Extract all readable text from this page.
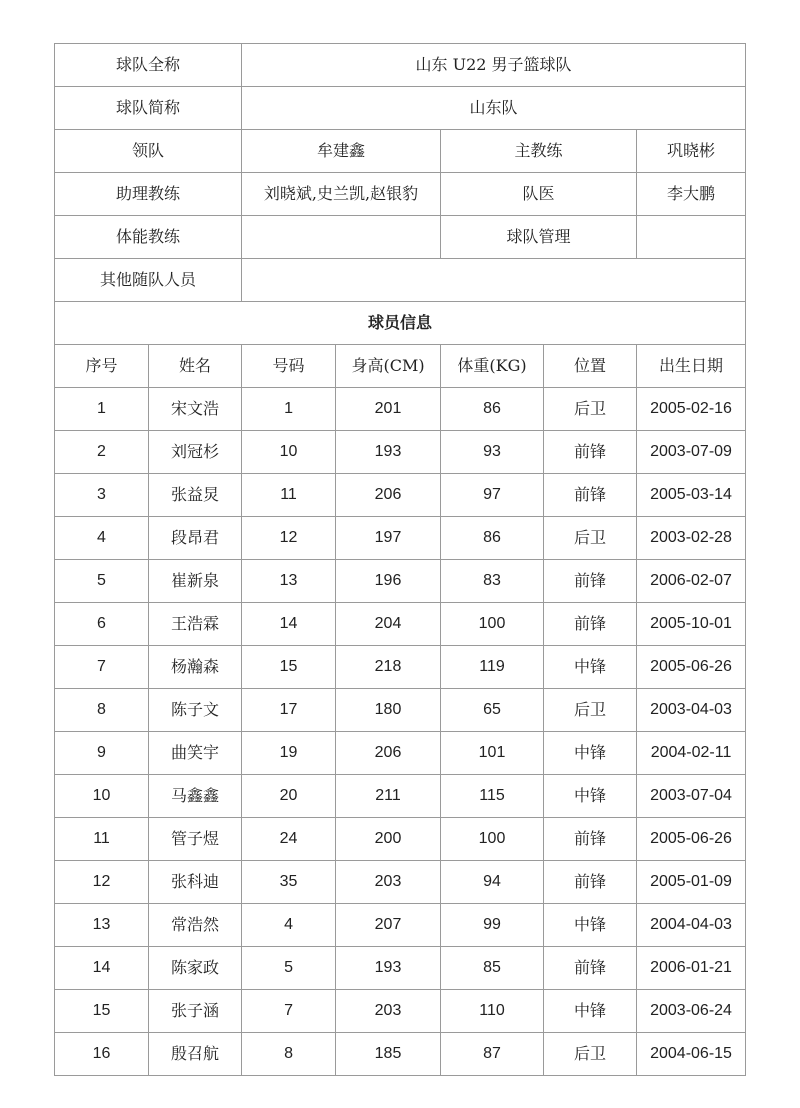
球队全称		山东 U22 男子篮球队				
球队简称		山东队				
领队		牟建鑫		主教练		巩晓彬
助理教练		刘晓斌,史兰凯,赵银豹		队医		李大鹏
体能教练				球队管理		
其他随队人员						
球员信息						
序号	姓名	号码	身高(CM)	体重(KG)	位置	出生日期
1	宋文浩	1	201	86	后卫	2005-02-16
2	刘冠杉	10	193	93	前锋	2003-07-09
3	张益炅	11	206	97	前锋	2005-03-14
4	段昂君	12	197	86	后卫	2003-02-28
5	崔新泉	13	196	83	前锋	2006-02-07
6	王浩霖	14	204	100	前锋	2005-10-01
7	杨瀚森	15	218	119	中锋	2005-06-26
8	陈子文	17	180	65	后卫	2003-04-03
9	曲笑宇	19	206	101	中锋	2004-02-11
10	马鑫鑫	20	211	115	中锋	2003-07-04
11	管子煜	24	200	100	前锋	2005-06-26
12	张科迪	35	203	94	前锋	2005-01-09
13	常浩然	4	207	99	中锋	2004-04-03
14	陈家政	5	193	85	前锋	2006-01-21
15	张子涵	7	203	110	中锋	2003-06-24
16	殷召航	8	185	87	后卫	2004-06-15
